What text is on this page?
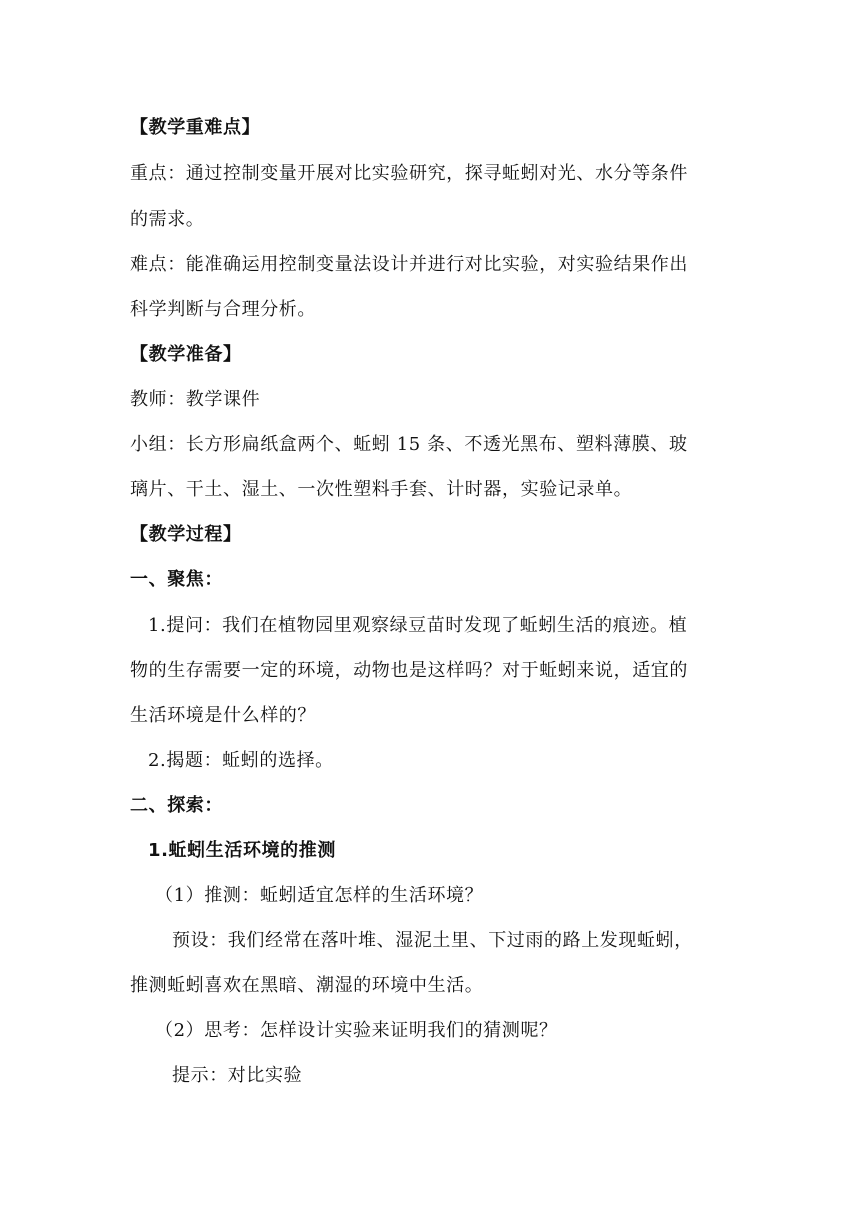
【教学重难点】
重点：通过控制变量开展对比实验研究，探寻蚯蚓对光、水分等条件
的需求。
难点：能准确运用控制变量法设计并进行对比实验，对实验结果作出
科学判断与合理分析。
【教学准备】
教师：教学课件
小组：长方形扁纸盒两个、蚯蚓 15 条、不透光黑布、塑料薄膜、玻
璃片、干土、湿土、一次性塑料手套、计时器，实验记录单。
【教学过程】
一、聚焦：
1.提问：我们在植物园里观察绿豆苗时发现了蚯蚓生活的痕迹。植
物的生存需要一定的环境，动物也是这样吗？对于蚯蚓来说，适宜的
生活环境是什么样的？
2.揭题：蚯蚓的选择。
二、探索：
1.蚯蚓生活环境的推测
（1）推测：蚯蚓适宜怎样的生活环境？
预设：我们经常在落叶堆、湿泥土里、下过雨的路上发现蚯蚓，
推测蚯蚓喜欢在黑暗、潮湿的环境中生活。
（2）思考：怎样设计实验来证明我们的猜测呢？
提示：对比实验
